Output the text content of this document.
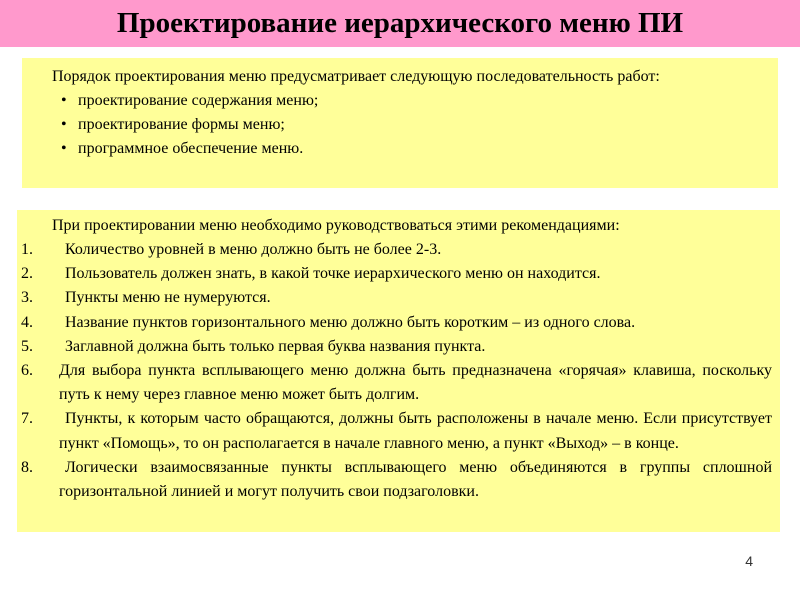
Проектирование иерархического меню ПИ

Порядок проектирования меню предусматривает следующую последовательность работ:

• проектирование содержания меню;
• проектирование формы меню;
• программное обеспечение меню.

При проектировании меню необходимо руководствоваться этими рекомендациями:

1.	Количество уровней в меню должно быть не более 2-3.
2.	Пользователь должен знать, в какой точке иерархического меню он находится.
3.	Пункты меню не нумеруются.
4.	Название пунктов горизонтального меню должно быть коротким – из одного слова.
5.	Заглавной должна быть только первая буква названия пункта.
6. Для выбора пункта всплывающего меню должна быть предназначена «горячая» клавиша, поскольку путь к нему через главное меню может быть долгим.
7.	Пункты, к которым часто обращаются, должны быть расположены в начале меню. Если присутствует пункт «Помощь», то он располагается в начале главного меню, а пункт «Выход» – в конце.
8.	Логически взаимосвязанные пункты всплывающего меню объединяются в группы сплошной горизонтальной линией и могут получить свои подзаголовки.
4
